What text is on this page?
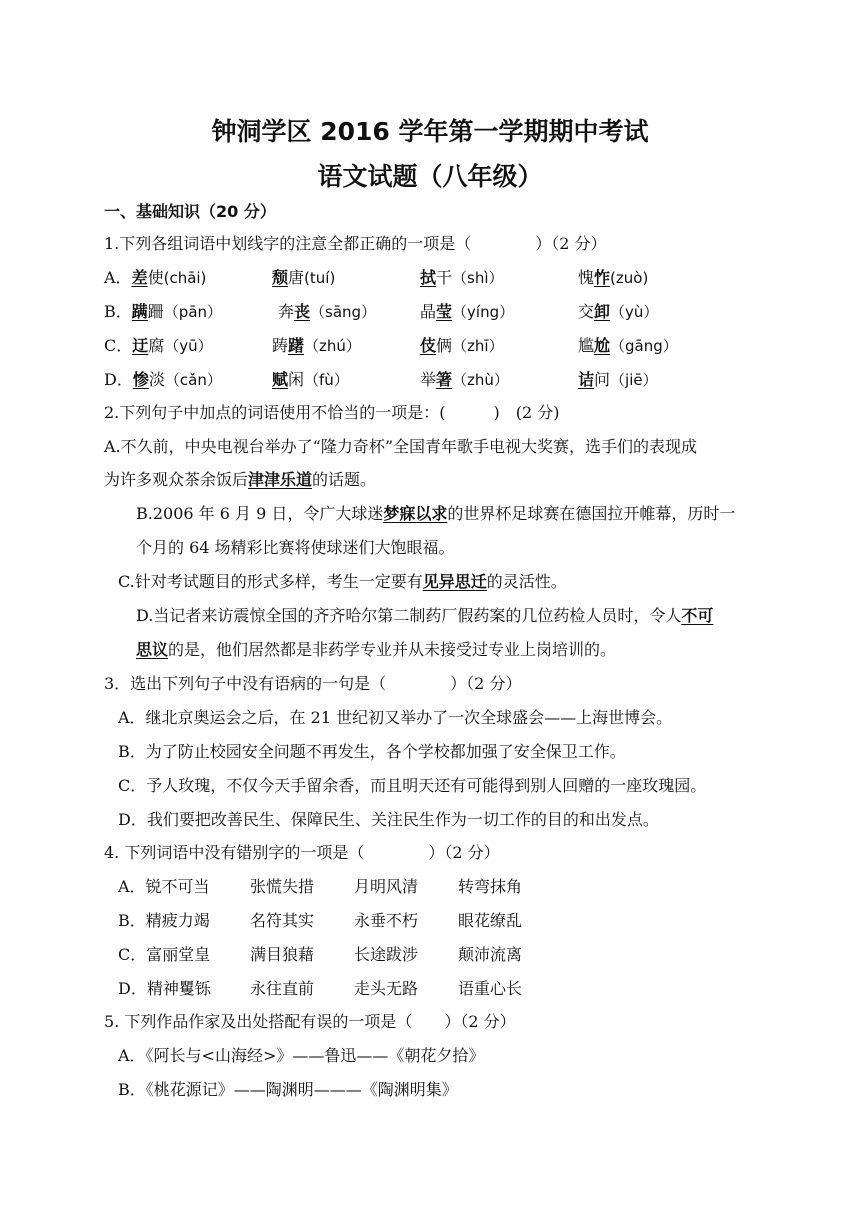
钟洞学区 2016 学年第一学期期中考试
语文试题（八年级）
一、基础知识（20 分）
1.下列各组词语中划线字的注意全都正确的一项是（　　　　）（2 分）
A．差使(chāi)	颓唐(tuí)	拭干（shì）	愧怍(zuò)
B．蹒跚（pān）	奔丧（sāng）	晶莹（yíng）	交卸（yù）
C．迂腐（yū）	踌躇（zhú）	伎俩（zhī）	尴尬（gāng）
D．惨淡（cǎn）	赋闲（fù）	举箸（zhù）	诘问（jiē）
2.下列句子中加点的词语使用不恰当的一项是：(　　　)　(2 分)
A.不久前，中央电视台举办了“隆力奇杯”全国青年歌手电视大奖赛，选手们的表现成
为许多观众茶余饭后津津乐道的话题。
B.2006 年 6 月 9 日，令广大球迷梦寐以求的世界杯足球赛在德国拉开帷幕，历时一
个月的 64 场精彩比赛将使球迷们大饱眼福。
C.针对考试题目的形式多样，考生一定要有见异思迁的灵活性。
D.当记者来访震惊全国的齐齐哈尔第二制药厂假药案的几位药检人员时，令人不可
思议的是，他们居然都是非药学专业并从未接受过专业上岗培训的。
3．选出下列句子中没有语病的一句是（　　　　）（2 分）
A．继北京奥运会之后，在 21 世纪初又举办了一次全球盛会——上海世博会。
B．为了防止校园安全问题不再发生，各个学校都加强了安全保卫工作。
C．予人玫瑰，不仅今天手留余香，而且明天还有可能得到别人回赠的一座玫瑰园。
D．我们要把改善民生、保障民生、关注民生作为一切工作的目的和出发点。
4. 下列词语中没有错别字的一项是（　　　　）（2 分）
A．锐不可当	张慌失措 月明风清 转弯抹角
B．精疲力竭	名符其实 永垂不朽 眼花缭乱
C．富丽堂皇 满目狼藉 长途跋涉 颠沛流离
D．精神矍铄 永往直前 走头无路 语重心长
5. 下列作品作家及出处搭配有误的一项是（　　）（2 分）
A．《阿长与<山海经>》——鲁迅——《朝花夕拾》
B．《桃花源记》——陶渊明———《陶渊明集》
